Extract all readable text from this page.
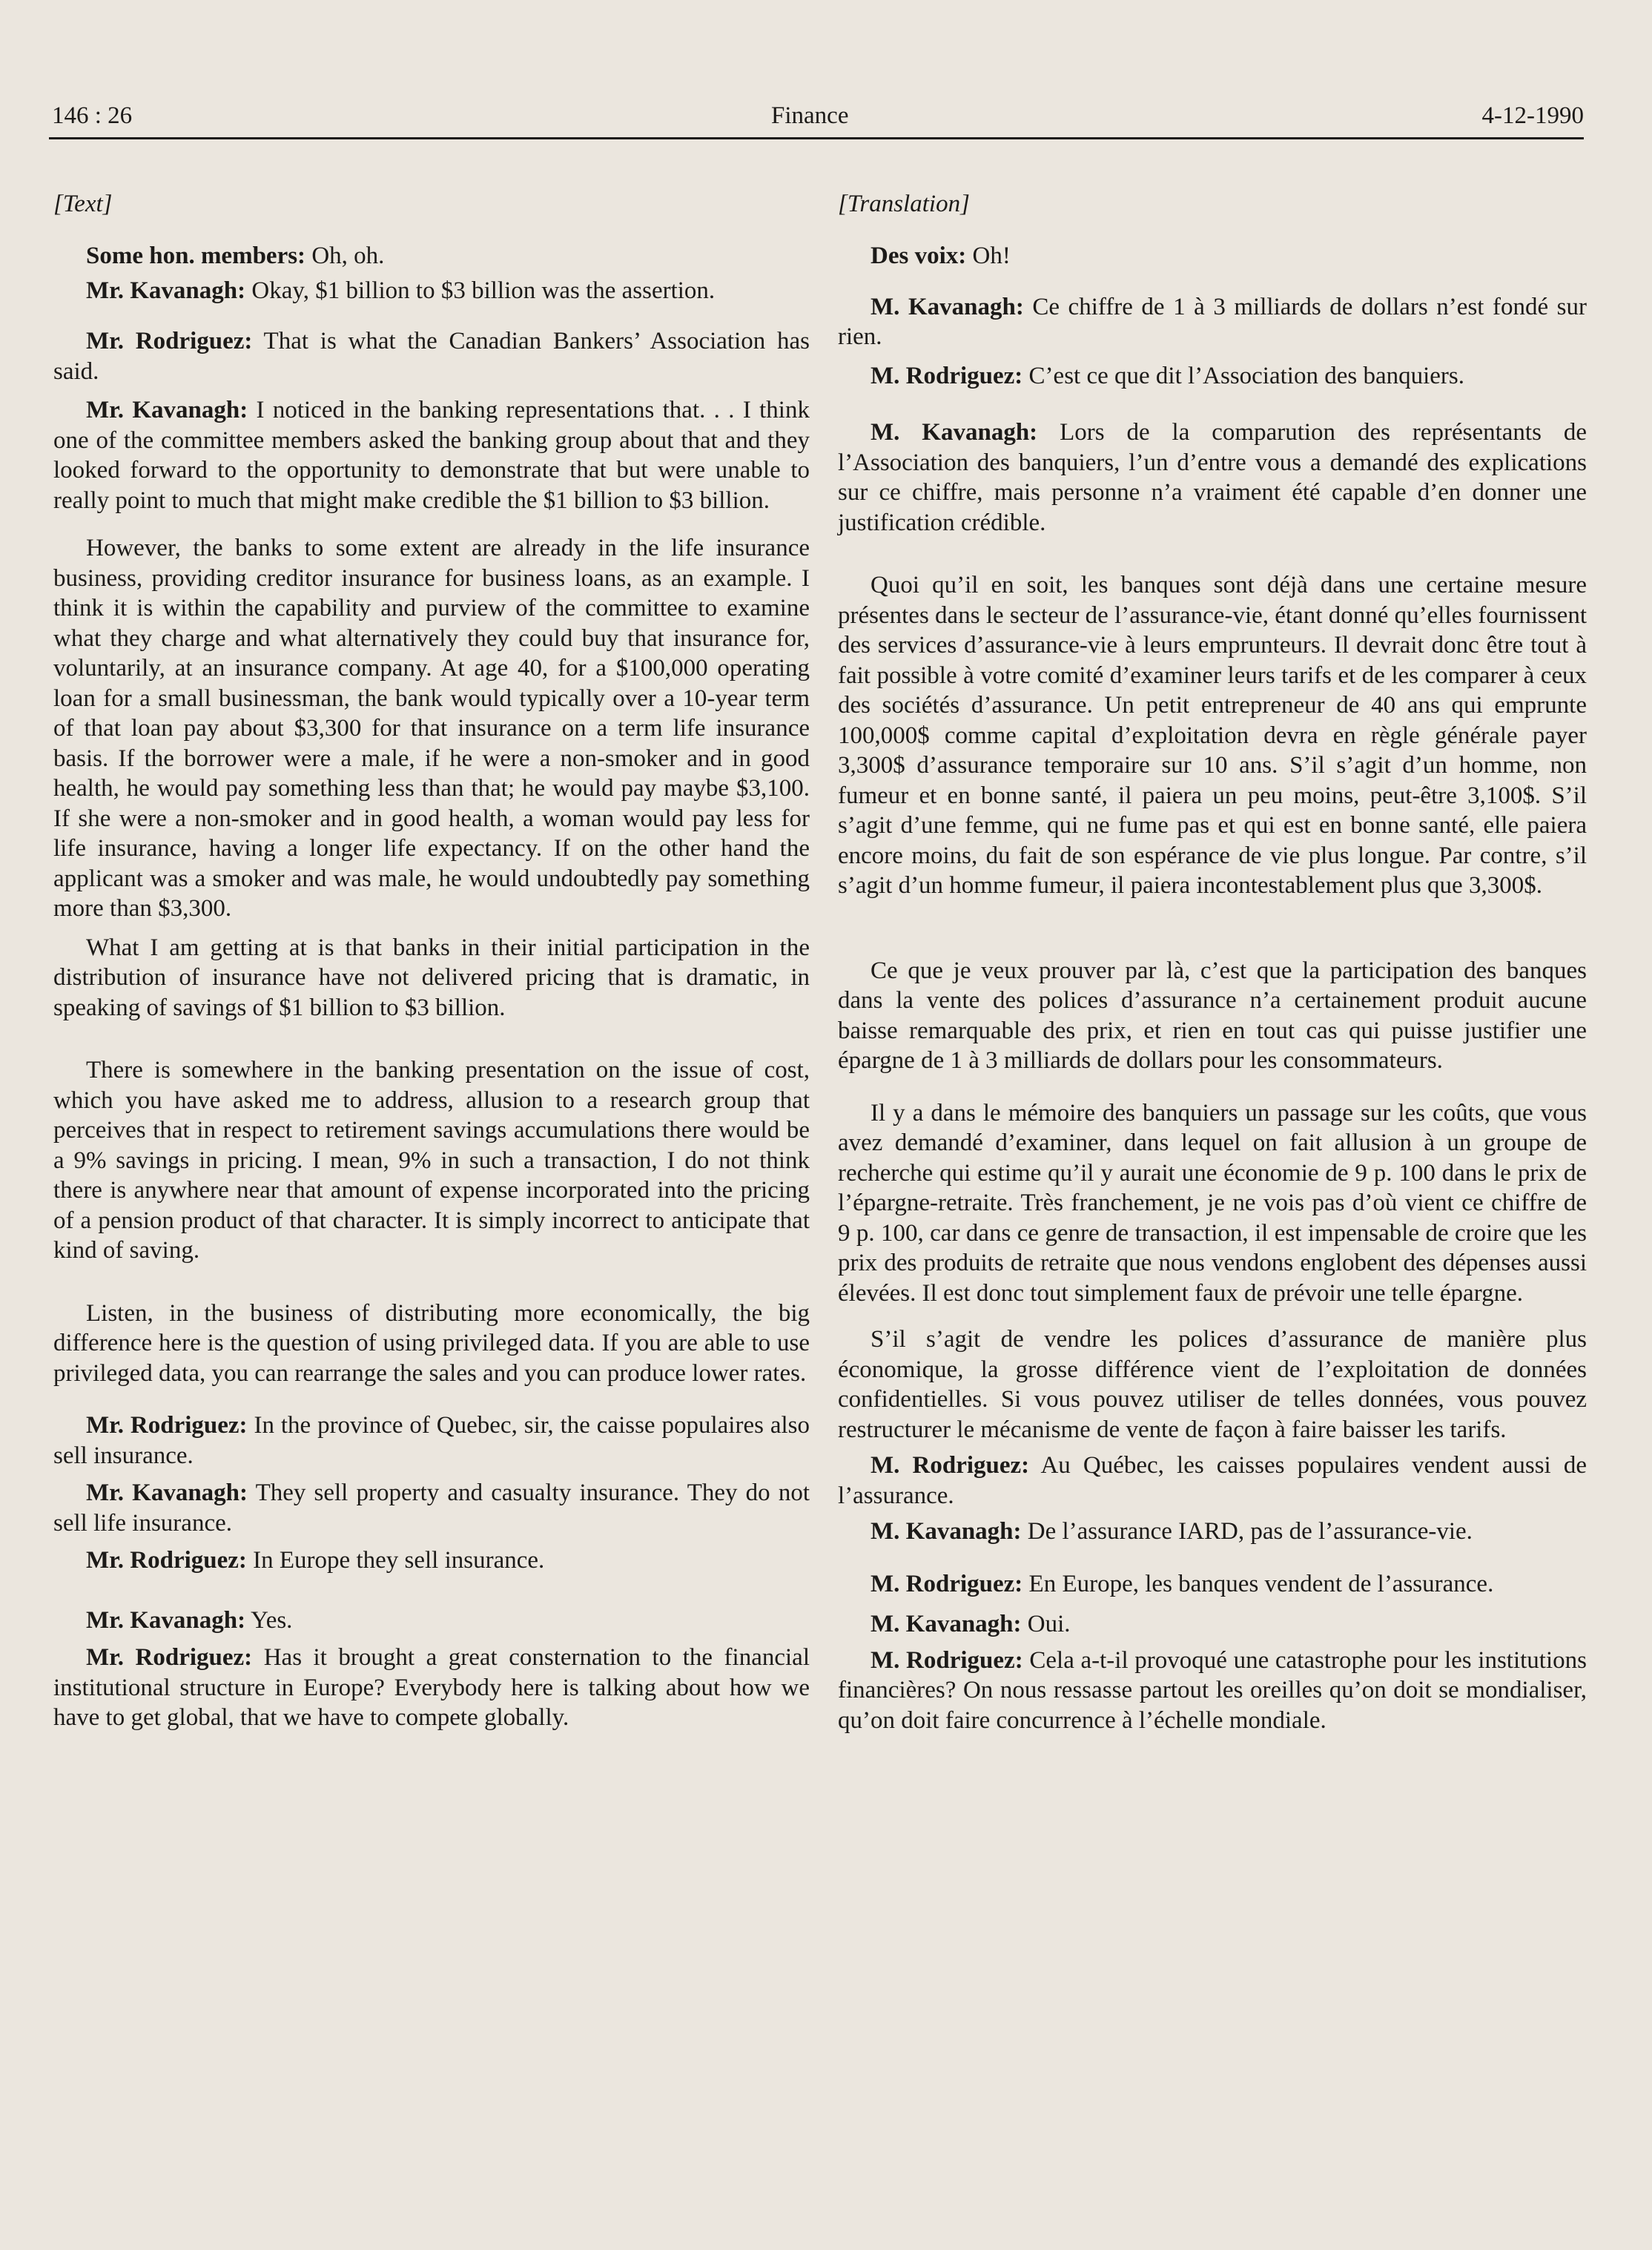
146 : 26	Finance	4-12-1990
[Text]

Some hon. members: Oh, oh.

Mr. Kavanagh: Okay, $1 billion to $3 billion was the assertion.

Mr. Rodriguez: That is what the Canadian Bankers’ Association has said.

Mr. Kavanagh: I noticed in the banking representations that. . . I think one of the committee members asked the banking group about that and they looked forward to the opportunity to demonstrate that but were unable to really point to much that might make credible the $1 billion to $3 billion.

However, the banks to some extent are already in the life insurance business, providing creditor insurance for business loans, as an example. I think it is within the capability and purview of the committee to examine what they charge and what alternatively they could buy that insurance for, voluntarily, at an insurance company. At age 40, for a $100,000 operating loan for a small businessman, the bank would typically over a 10-year term of that loan pay about $3,300 for that insurance on a term life insurance basis. If the borrower were a male, if he were a non-smoker and in good health, he would pay something less than that; he would pay maybe $3,100. If she were a non-smoker and in good health, a woman would pay less for life insurance, having a longer life expectancy. If on the other hand the applicant was a smoker and was male, he would undoubtedly pay something more than $3,300.

What I am getting at is that banks in their initial participation in the distribution of insurance have not delivered pricing that is dramatic, in speaking of savings of $1 billion to $3 billion.

There is somewhere in the banking presentation on the issue of cost, which you have asked me to address, allusion to a research group that perceives that in respect to retirement savings accumulations there would be a 9% savings in pricing. I mean, 9% in such a transaction, I do not think there is anywhere near that amount of expense incorporated into the pricing of a pension product of that character. It is simply incorrect to anticipate that kind of saving.

Listen, in the business of distributing more economically, the big difference here is the question of using privileged data. If you are able to use privileged data, you can rearrange the sales and you can produce lower rates.

Mr. Rodriguez: In the province of Quebec, sir, the caisse populaires also sell insurance.

Mr. Kavanagh: They sell property and casualty insurance. They do not sell life insurance.

Mr. Rodriguez: In Europe they sell insurance.

Mr. Kavanagh: Yes.

Mr. Rodriguez: Has it brought a great consternation to the financial institutional structure in Europe? Everybody here is talking about how we have to get global, that we have to compete globally.

[Translation]

Des voix: Oh!

M. Kavanagh: Ce chiffre de 1 à 3 milliards de dollars n’est fondé sur rien.

M. Rodriguez: C’est ce que dit l’Association des banquiers.

M. Kavanagh: Lors de la comparution des représentants de l’Association des banquiers, l’un d’entre vous a demandé des explications sur ce chiffre, mais personne n’a vraiment été capable d’en donner une justification crédible.

Quoi qu’il en soit, les banques sont déjà dans une certaine mesure présentes dans le secteur de l’assurance-vie, étant donné qu’elles fournissent des services d’assurance-vie à leurs emprunteurs. Il devrait donc être tout à fait possible à votre comité d’examiner leurs tarifs et de les comparer à ceux des sociétés d’assurance. Un petit entrepreneur de 40 ans qui emprunte 100,000$ comme capital d’exploitation devra en règle générale payer 3,300$ d’assurance temporaire sur 10 ans. S’il s’agit d’un homme, non fumeur et en bonne santé, il paiera un peu moins, peut-être 3,100$. S’il s’agit d’une femme, qui ne fume pas et qui est en bonne santé, elle paiera encore moins, du fait de son espérance de vie plus longue. Par contre, s’il s’agit d’un homme fumeur, il paiera incontestablement plus que 3,300$.

Ce que je veux prouver par là, c’est que la participation des banques dans la vente des polices d’assurance n’a certainement produit aucune baisse remarquable des prix, et rien en tout cas qui puisse justifier une épargne de 1 à 3 milliards de dollars pour les consommateurs.

Il y a dans le mémoire des banquiers un passage sur les coûts, que vous avez demandé d’examiner, dans lequel on fait allusion à un groupe de recherche qui estime qu’il y aurait une économie de 9 p. 100 dans le prix de l’épargne-retraite. Très franchement, je ne vois pas d’où vient ce chiffre de 9 p. 100, car dans ce genre de transaction, il est impensable de croire que les prix des produits de retraite que nous vendons englobent des dépenses aussi élevées. Il est donc tout simplement faux de prévoir une telle épargne.

S’il s’agit de vendre les polices d’assurance de manière plus économique, la grosse différence vient de l’exploitation de données confidentielles. Si vous pouvez utiliser de telles données, vous pouvez restructurer le mécanisme de vente de façon à faire baisser les tarifs.

M. Rodriguez: Au Québec, les caisses populaires vendent aussi de l’assurance.

M. Kavanagh: De l’assurance IARD, pas de l’assurance-vie.

M. Rodriguez: En Europe, les banques vendent de l’assurance.

M. Kavanagh: Oui.

M. Rodriguez: Cela a-t-il provoqué une catastrophe pour les institutions financières? On nous ressasse partout les oreilles qu’on doit se mondialiser, qu’on doit faire concurrence à l’échelle mondiale.
